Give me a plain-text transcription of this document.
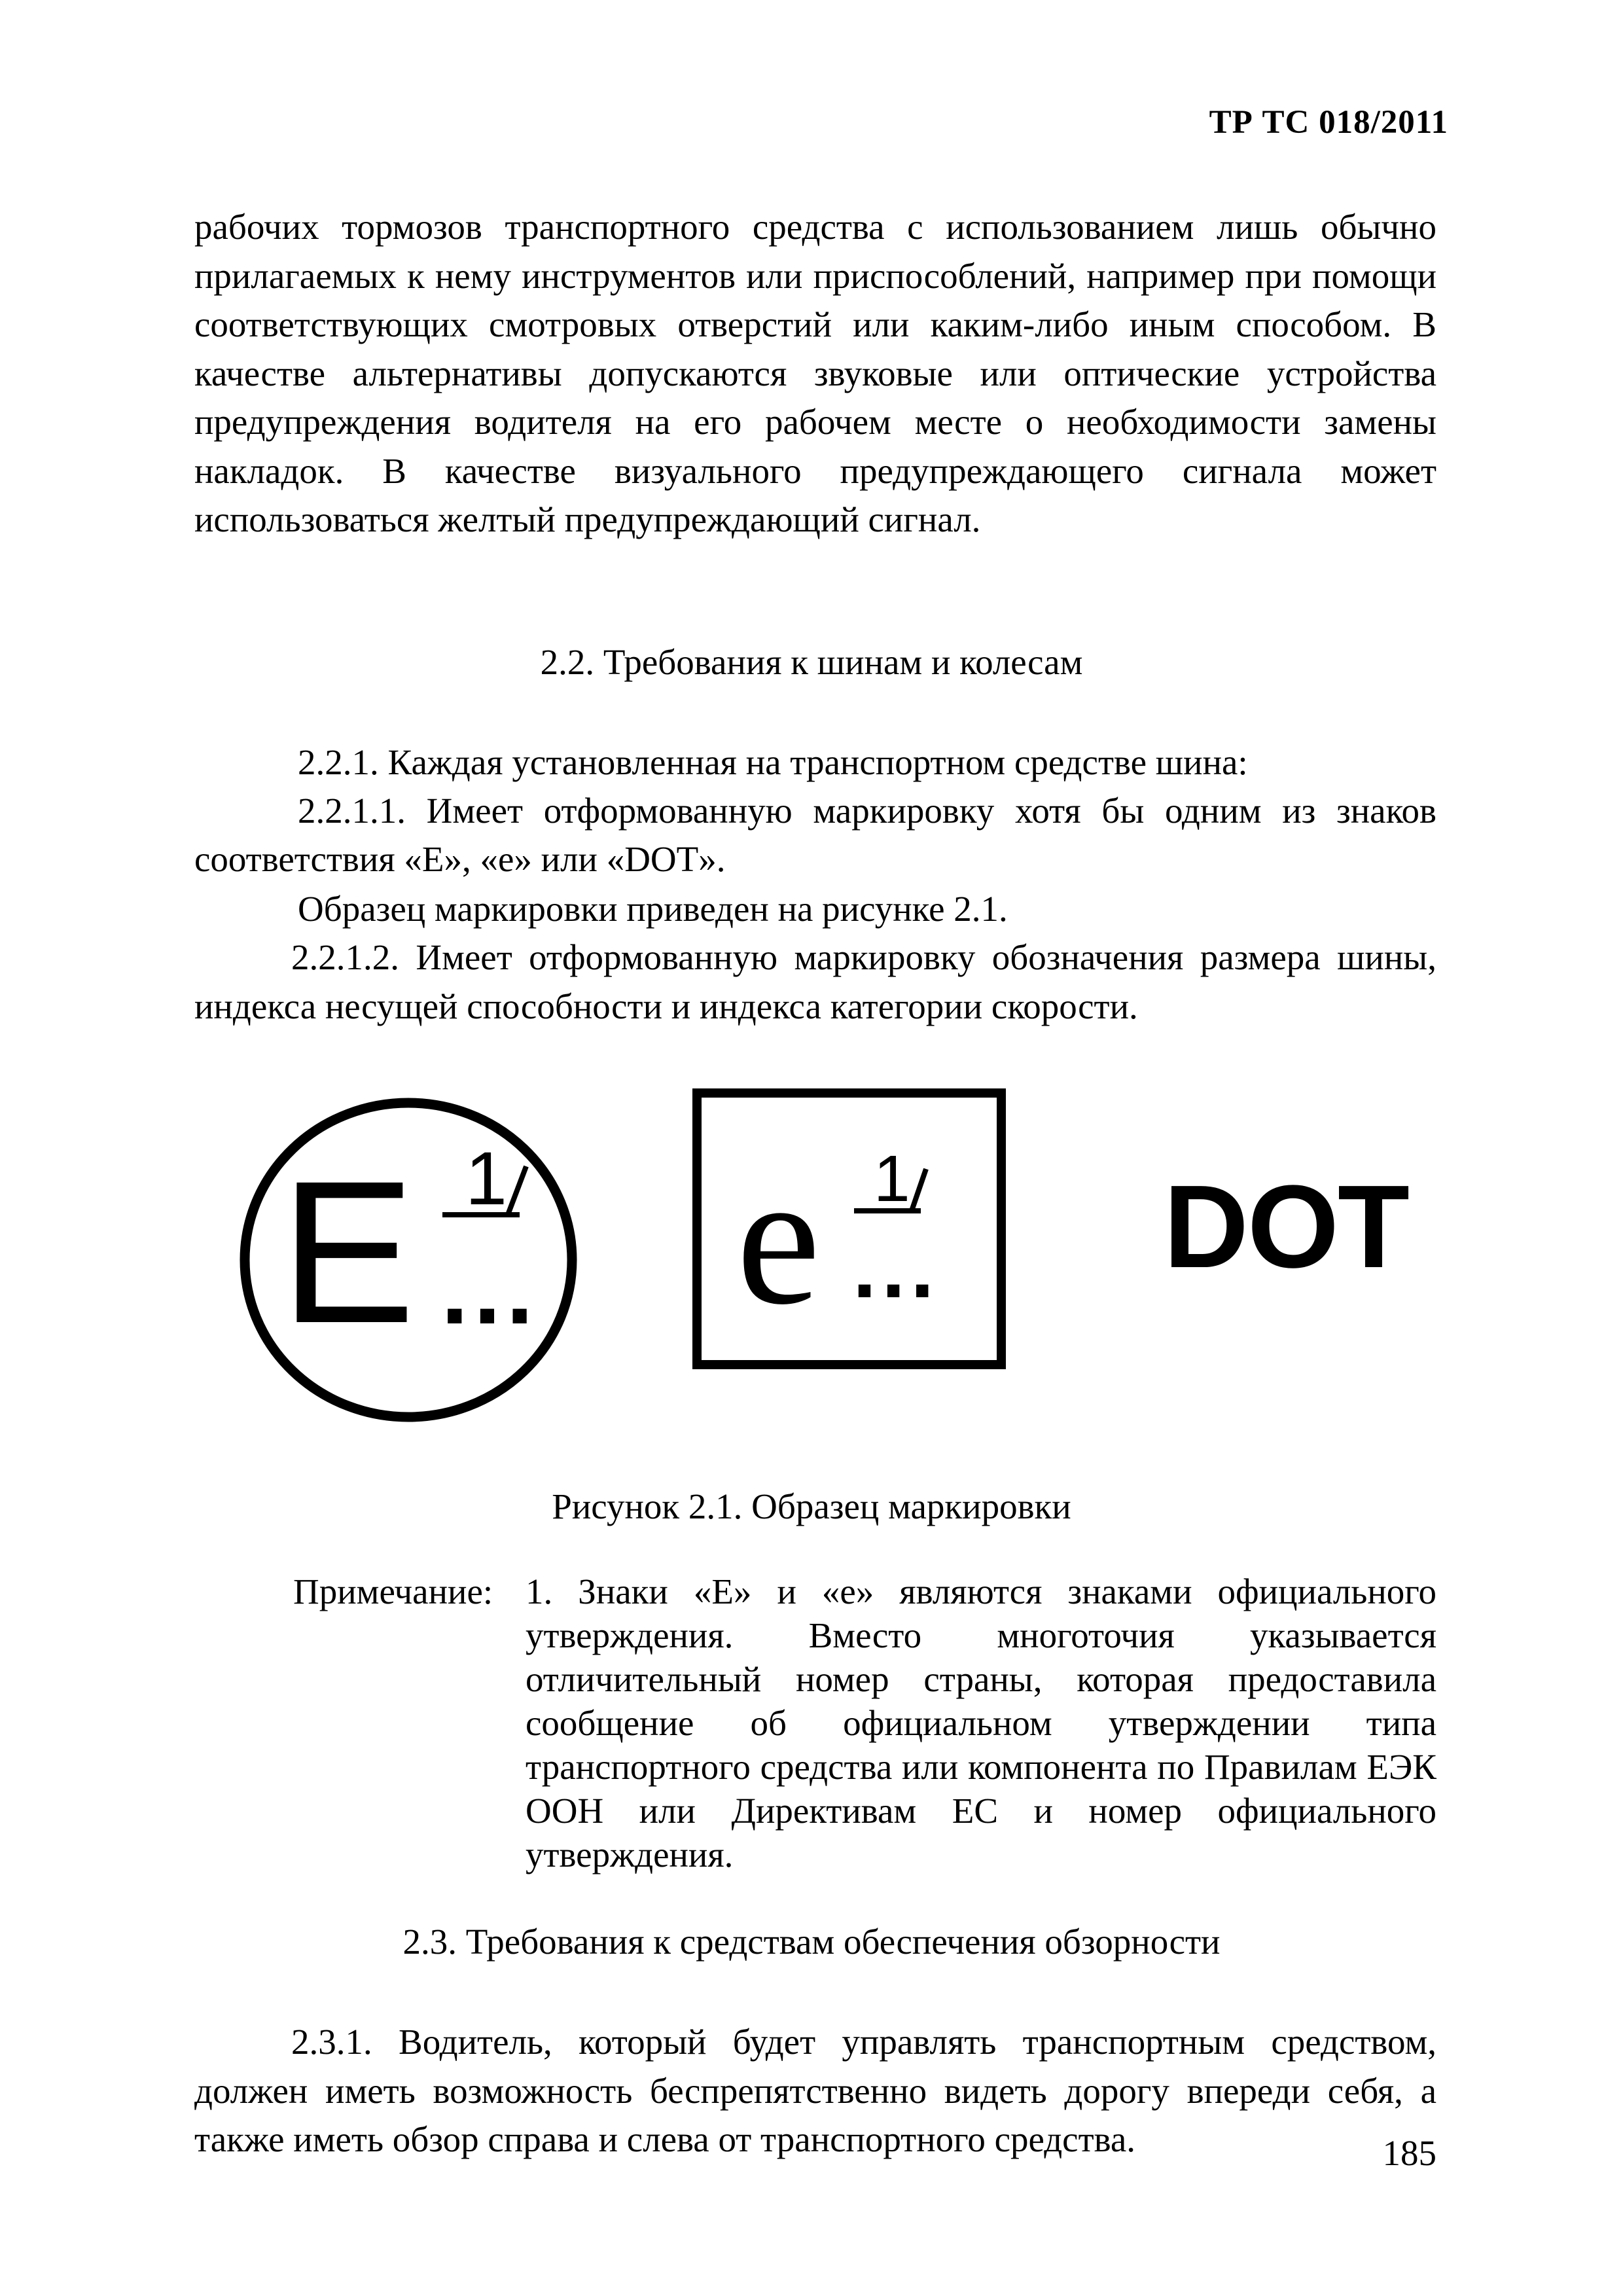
ТР ТС 018/2011

рабочих тормозов транспортного средства с использованием лишь обычно прилагаемых к нему инструментов или приспособлений, например при помощи соответствующих смотровых отверстий или каким-либо иным способом. В качестве альтернативы допускаются звуковые или оптические устройства предупреждения водителя на его рабочем месте о необходимости замены накладок. В качестве визуального предупреждающего сигнала может использоваться желтый предупреждающий сигнал.

2.2. Требования к шинам и колесам

2.2.1. Каждая установленная на транспортном средстве шина:

2.2.1.1. Имеет отформованную маркировку хотя бы одним из знаков

соответствия «Е», «е» или «DOT».

Образец маркировки приведен на рисунке 2.1.

2.2.1.2. Имеет отформованную маркировку обозначения размера шины, индекса несущей способности и индекса категории скорости.

E 1
... e 1
... DOT

Рисунок 2.1. Образец маркировки

Примечание: 1. Знаки «Е» и «е» являются знаками официального утверждения. Вместо многоточия указывается отличительный номер страны, которая предоставила сообщение об официальном утверждении типа транспортного средства или компонента по Правилам ЕЭК ООН или Директивам ЕС и номер официального утверждения.

2.3. Требования к средствам обеспечения обзорности

2.3.1. Водитель, который будет управлять транспортным средством, должен иметь возможность беспрепятственно видеть дорогу впереди себя, а также иметь обзор справа и слева от транспортного средства.	185
